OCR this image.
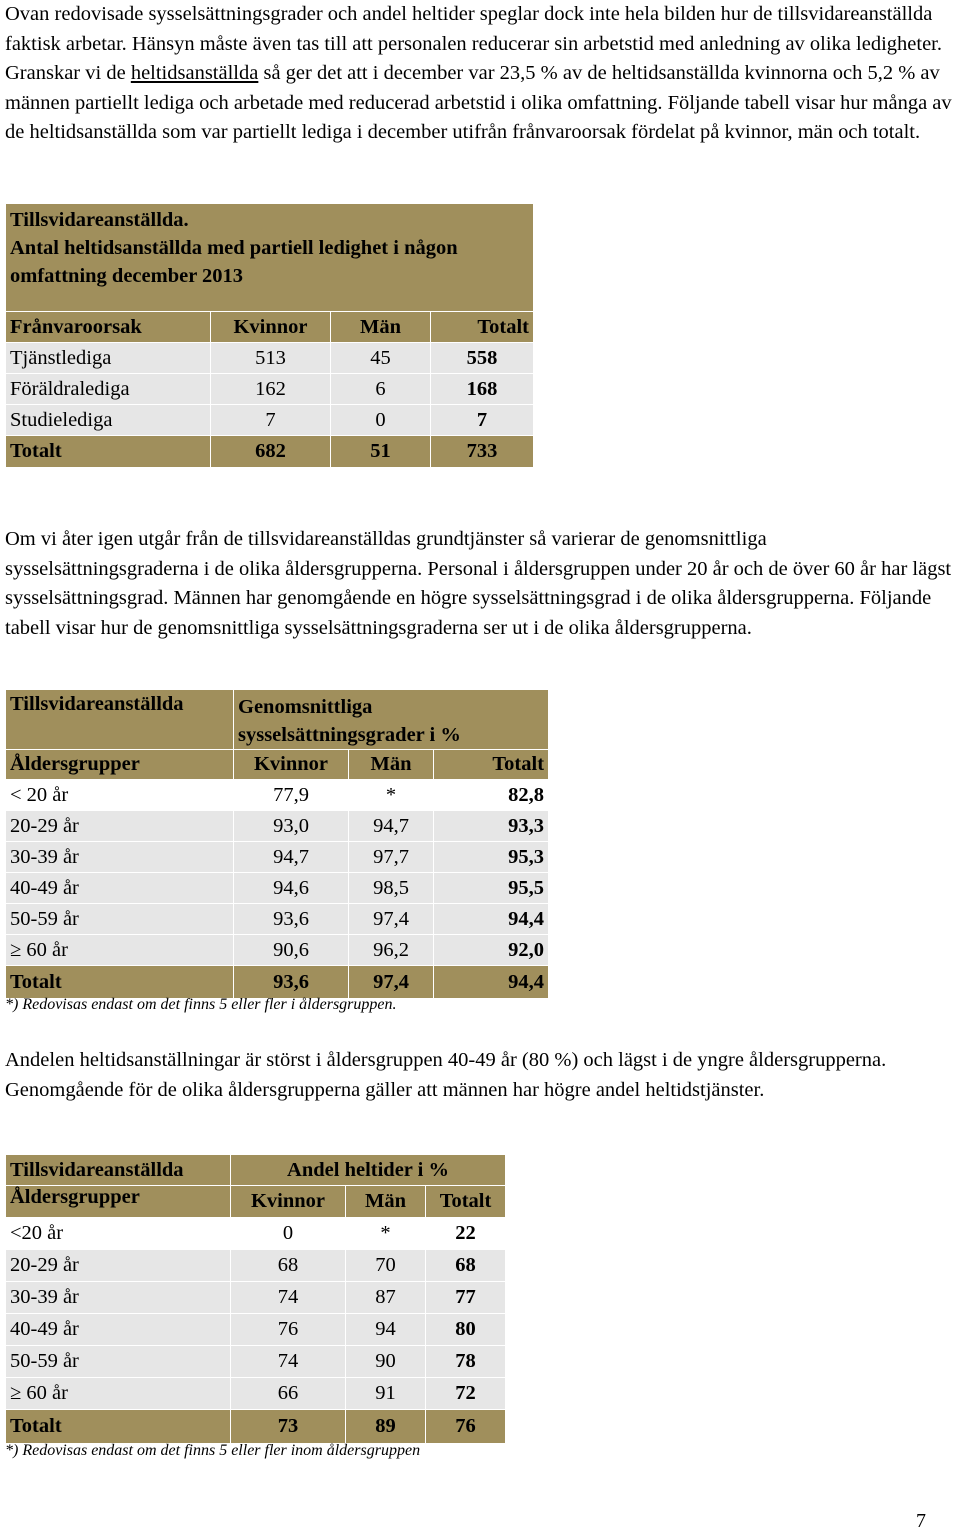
Ovan redovisade sysselsättningsgrader och andel heltider speglar dock inte hela bilden hur de tillsvidareanställda faktisk arbetar. Hänsyn måste även tas till att personalen reducerar sin arbetstid med anledning av olika ledigheter. Granskar vi de heltidsanställda så ger det att i december var 23,5 % av de heltidsanställda kvinnorna och 5,2 % av männen partiellt lediga och arbetade med reducerad arbetstid i olika omfattning. Följande tabell visar hur många av de heltidsanställda som var partiellt lediga i december utifrån frånvaroorsak fördelat på kvinnor, män och totalt.

Tillsvidareanställda.
Antal heltidsanställda med partiell ledighet i någon omfattning december 2013			
Frånvaroorsak	Kvinnor	Män	Totalt
Tjänstlediga	513	45	558
Föräldralediga	162	6	168
Studielediga	7	0	7
Totalt	682	51	733

Om vi åter igen utgår från de tillsvidareanställdas grundtjänster så varierar de genomsnittliga sysselsättningsgraderna i de olika åldersgrupperna. Personal i åldersgruppen under 20 år och de över 60 år har lägst sysselsättningsgrad. Männen har genomgående en högre sysselsättningsgrad i de olika åldersgrupperna. Följande tabell visar hur de genomsnittliga sysselsättningsgraderna ser ut i de olika åldersgrupperna.

Tillsvidareanställda	Genomsnittliga sysselsättningsgrader i %		
Åldersgrupper	Kvinnor	Män	Totalt
< 20 år	77,9	*	82,8
20-29 år	93,0	94,7	93,3
30-39 år	94,7	97,7	95,3
40-49 år	94,6	98,5	95,5
50-59 år	93,6	97,4	94,4
≥ 60 år	90,6	96,2	92,0
Totalt	93,6	97,4	94,4
*) Redovisas endast om det finns 5 eller fler i åldersgruppen.

Andelen heltidsanställningar är störst i åldersgruppen 40-49 år (80 %) och lägst i de yngre åldersgrupperna. Genomgående för de olika åldersgrupperna gäller att männen har högre andel heltidstjänster.

Tillsvidareanställda	Andel heltider i %		
Åldersgrupper	Kvinnor	Män	Totalt
<20 år	0	*	22
20-29 år	68	70	68
30-39 år	74	87	77
40-49 år	76	94	80
50-59 år	74	90	78
≥ 60 år	66	91	72
Totalt	73	89	76
*) Redovisas endast om det finns 5 eller fler inom åldersgruppen
7
